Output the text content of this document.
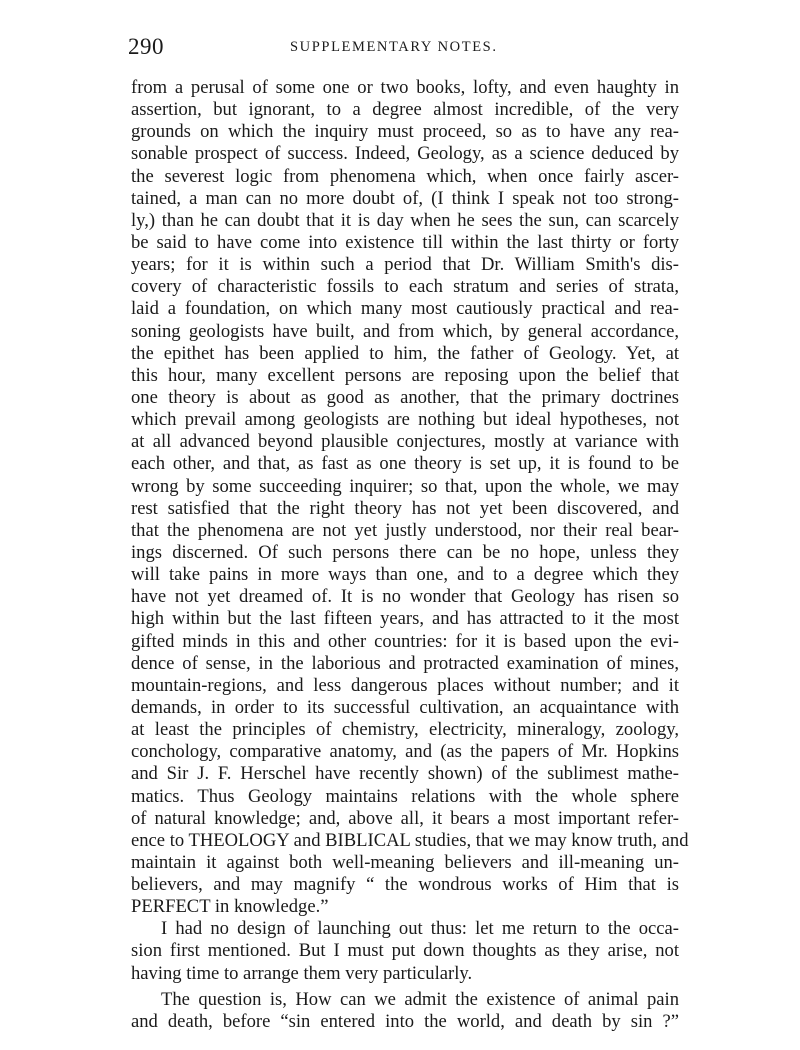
290	SUPPLEMENTARY NOTES.
from a perusal of some one or two books, lofty, and even haughty in
assertion, but ignorant, to a degree almost incredible, of the very
grounds on which the inquiry must proceed, so as to have any rea-
sonable prospect of success. Indeed, Geology, as a science deduced by
the severest logic from phenomena which, when once fairly ascer-
tained, a man can no more doubt of, (I think I speak not too strong-
ly,) than he can doubt that it is day when he sees the sun, can scarcely
be said to have come into existence till within the last thirty or forty
years; for it is within such a period that Dr. William Smith's dis-
covery of characteristic fossils to each stratum and series of strata,
laid a foundation, on which many most cautiously practical and rea-
soning geologists have built, and from which, by general accordance,
the epithet has been applied to him, the father of Geology. Yet, at
this hour, many excellent persons are reposing upon the belief that
one theory is about as good as another, that the primary doctrines
which prevail among geologists are nothing but ideal hypotheses, not
at all advanced beyond plausible conjectures, mostly at variance with
each other, and that, as fast as one theory is set up, it is found to be
wrong by some succeeding inquirer; so that, upon the whole, we may
rest satisfied that the right theory has not yet been discovered, and
that the phenomena are not yet justly understood, nor their real bear-
ings discerned. Of such persons there can be no hope, unless they
will take pains in more ways than one, and to a degree which they
have not yet dreamed of. It is no wonder that Geology has risen so
high within but the last fifteen years, and has attracted to it the most
gifted minds in this and other countries: for it is based upon the evi-
dence of sense, in the laborious and protracted examination of mines,
mountain-regions, and less dangerous places without number; and it
demands, in order to its successful cultivation, an acquaintance with
at least the principles of chemistry, electricity, mineralogy, zoology,
conchology, comparative anatomy, and (as the papers of Mr. Hopkins
and Sir J. F. Herschel have recently shown) of the sublimest mathe-
matics. Thus Geology maintains relations with the whole sphere
of natural knowledge; and, above all, it bears a most important refer-
ence to THEOLOGY and BIBLICAL studies, that we may know truth, and
maintain it against both well-meaning believers and ill-meaning un-
believers, and may magnify “ the wondrous works of Him that is
PERFECT in knowledge.”
I had no design of launching out thus: let me return to the occa-
sion first mentioned. But I must put down thoughts as they arise, not
having time to arrange them very particularly.
The question is, How can we admit the existence of animal pain
and death, before “sin entered into the world, and death by sin ?”
